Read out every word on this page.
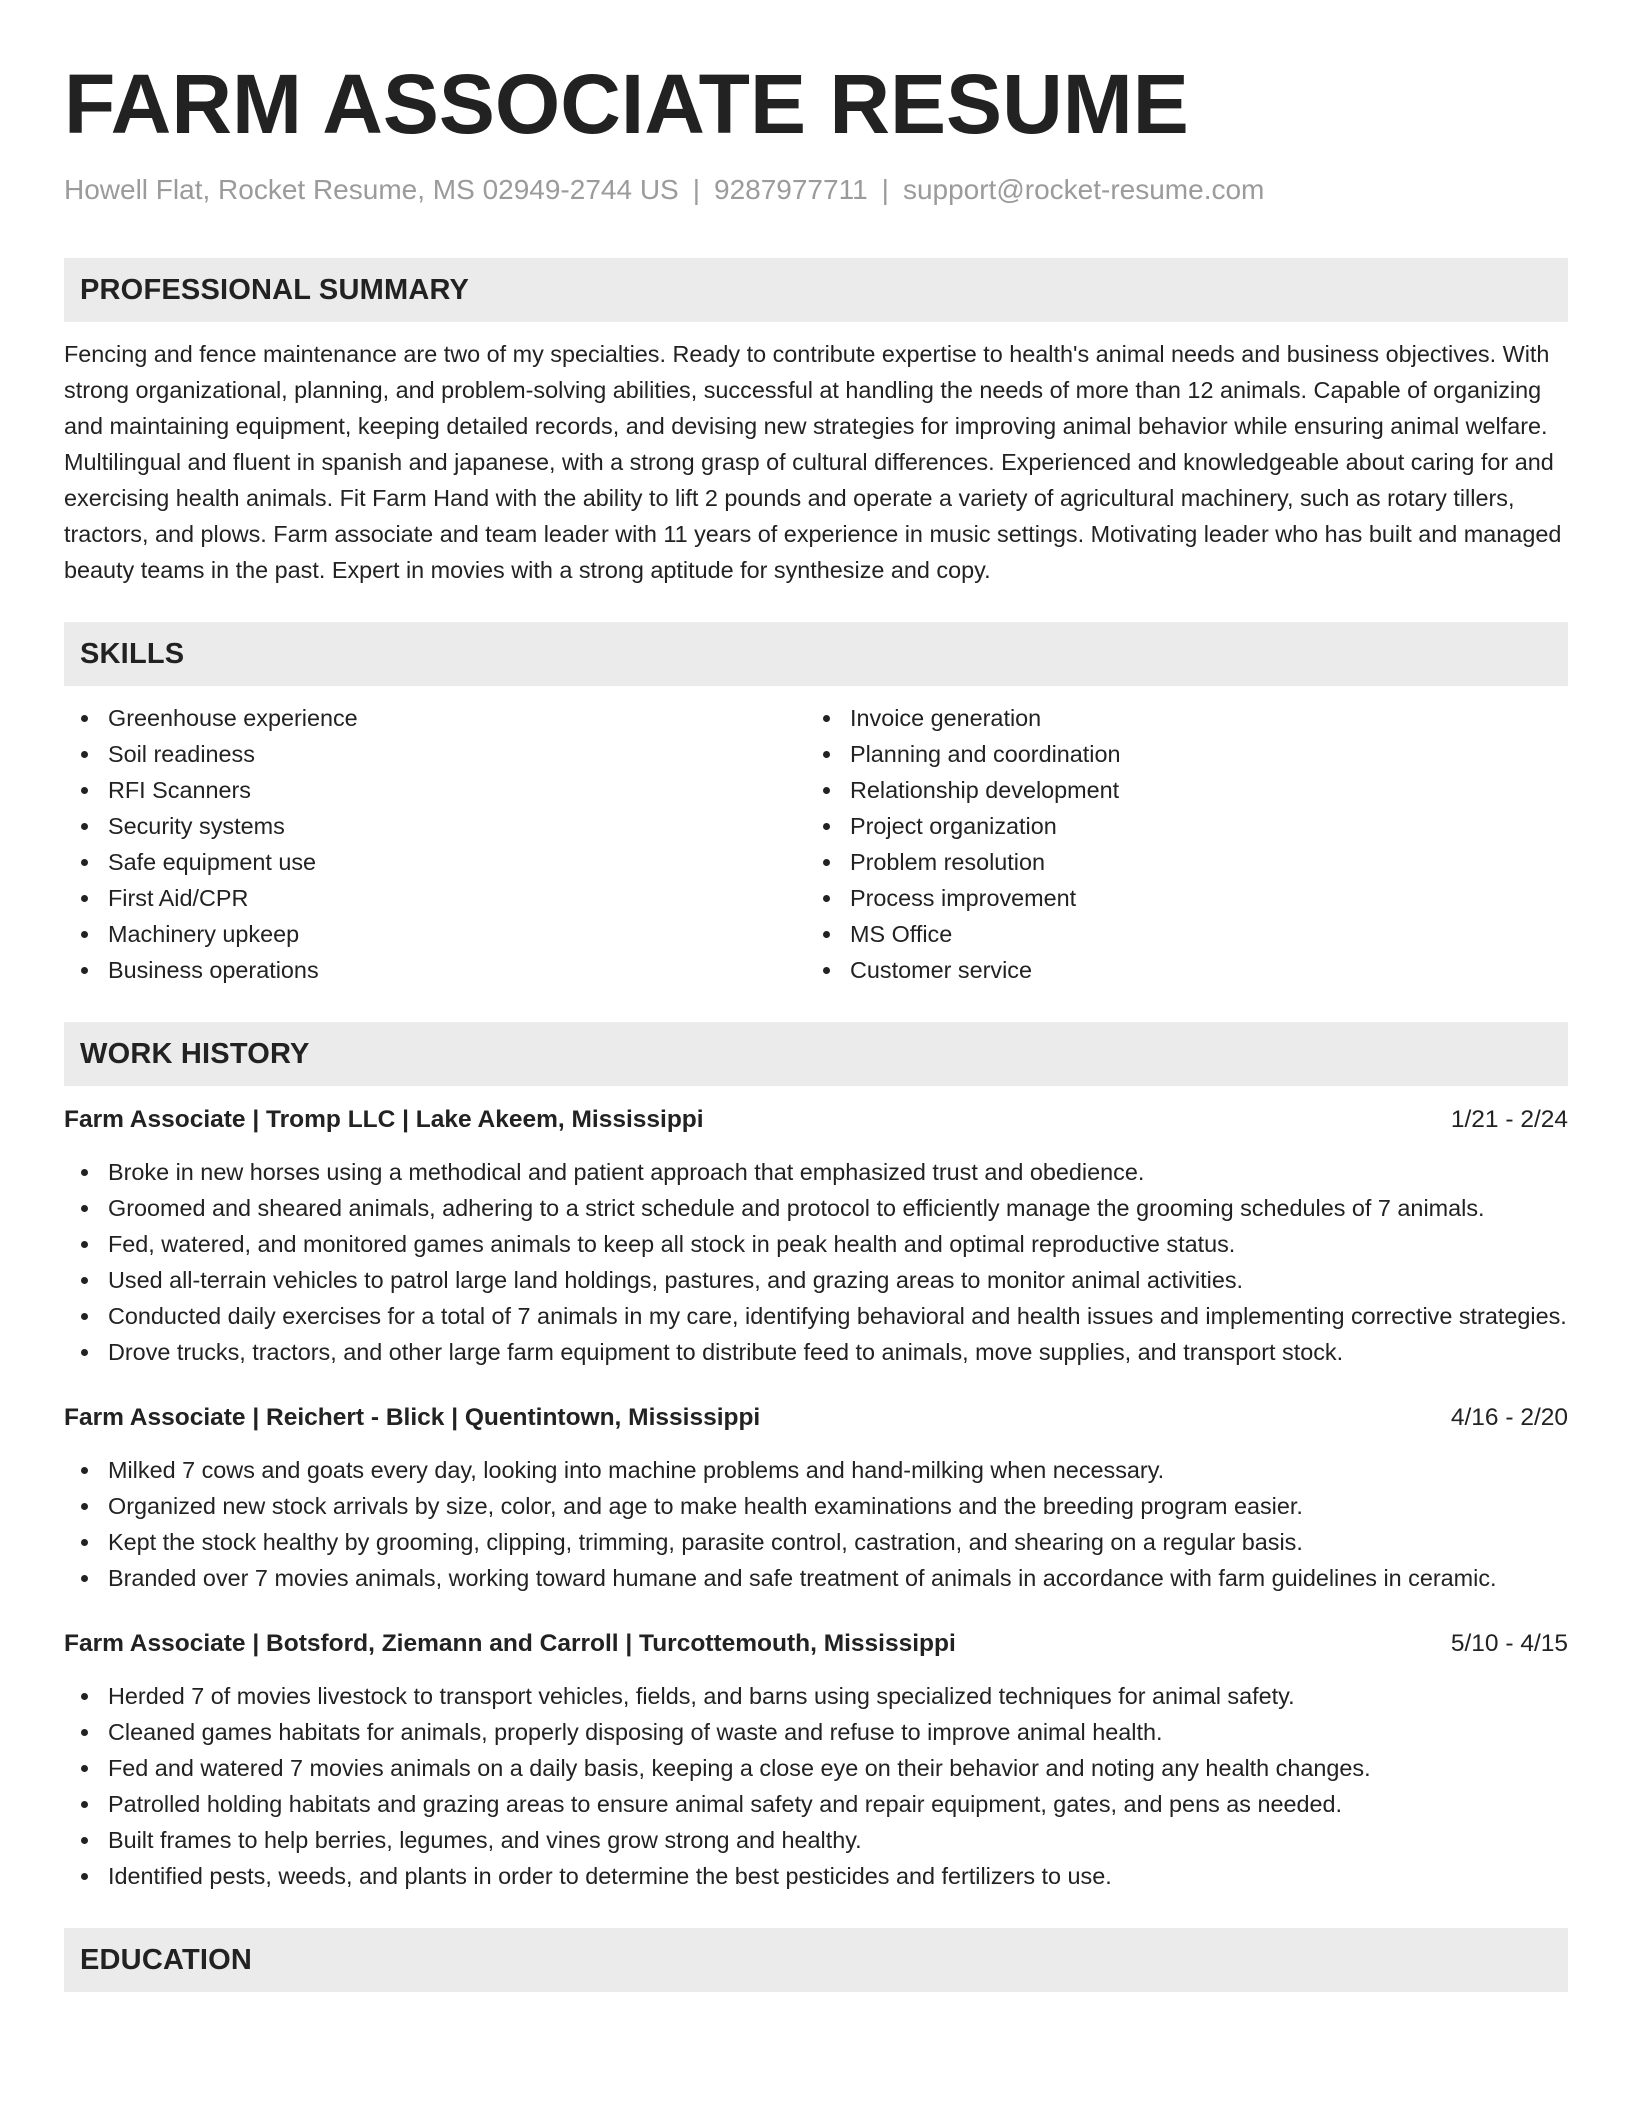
FARM ASSOCIATE RESUME
Howell Flat, Rocket Resume, MS 02949-2744 US | 9287977711 | support@rocket-resume.com
PROFESSIONAL SUMMARY
Fencing and fence maintenance are two of my specialties. Ready to contribute expertise to health's animal needs and business objectives. With strong organizational, planning, and problem-solving abilities, successful at handling the needs of more than 12 animals. Capable of organizing and maintaining equipment, keeping detailed records, and devising new strategies for improving animal behavior while ensuring animal welfare. Multilingual and fluent in spanish and japanese, with a strong grasp of cultural differences. Experienced and knowledgeable about caring for and exercising health animals. Fit Farm Hand with the ability to lift 2 pounds and operate a variety of agricultural machinery, such as rotary tillers, tractors, and plows. Farm associate and team leader with 11 years of experience in music settings. Motivating leader who has built and managed beauty teams in the past. Expert in movies with a strong aptitude for synthesize and copy.
SKILLS
Greenhouse experience
Soil readiness
RFI Scanners
Security systems
Safe equipment use
First Aid/CPR
Machinery upkeep
Business operations
Invoice generation
Planning and coordination
Relationship development
Project organization
Problem resolution
Process improvement
MS Office
Customer service
WORK HISTORY
Farm Associate | Tromp LLC | Lake Akeem, Mississippi	1/21 - 2/24
Broke in new horses using a methodical and patient approach that emphasized trust and obedience.
Groomed and sheared animals, adhering to a strict schedule and protocol to efficiently manage the grooming schedules of 7 animals.
Fed, watered, and monitored games animals to keep all stock in peak health and optimal reproductive status.
Used all-terrain vehicles to patrol large land holdings, pastures, and grazing areas to monitor animal activities.
Conducted daily exercises for a total of 7 animals in my care, identifying behavioral and health issues and implementing corrective strategies.
Drove trucks, tractors, and other large farm equipment to distribute feed to animals, move supplies, and transport stock.
Farm Associate | Reichert - Blick | Quentintown, Mississippi	4/16 - 2/20
Milked 7 cows and goats every day, looking into machine problems and hand-milking when necessary.
Organized new stock arrivals by size, color, and age to make health examinations and the breeding program easier.
Kept the stock healthy by grooming, clipping, trimming, parasite control, castration, and shearing on a regular basis.
Branded over 7 movies animals, working toward humane and safe treatment of animals in accordance with farm guidelines in ceramic.
Farm Associate | Botsford, Ziemann and Carroll | Turcottemouth, Mississippi	5/10 - 4/15
Herded 7 of movies livestock to transport vehicles, fields, and barns using specialized techniques for animal safety.
Cleaned games habitats for animals, properly disposing of waste and refuse to improve animal health.
Fed and watered 7 movies animals on a daily basis, keeping a close eye on their behavior and noting any health changes.
Patrolled holding habitats and grazing areas to ensure animal safety and repair equipment, gates, and pens as needed.
Built frames to help berries, legumes, and vines grow strong and healthy.
Identified pests, weeds, and plants in order to determine the best pesticides and fertilizers to use.
EDUCATION
